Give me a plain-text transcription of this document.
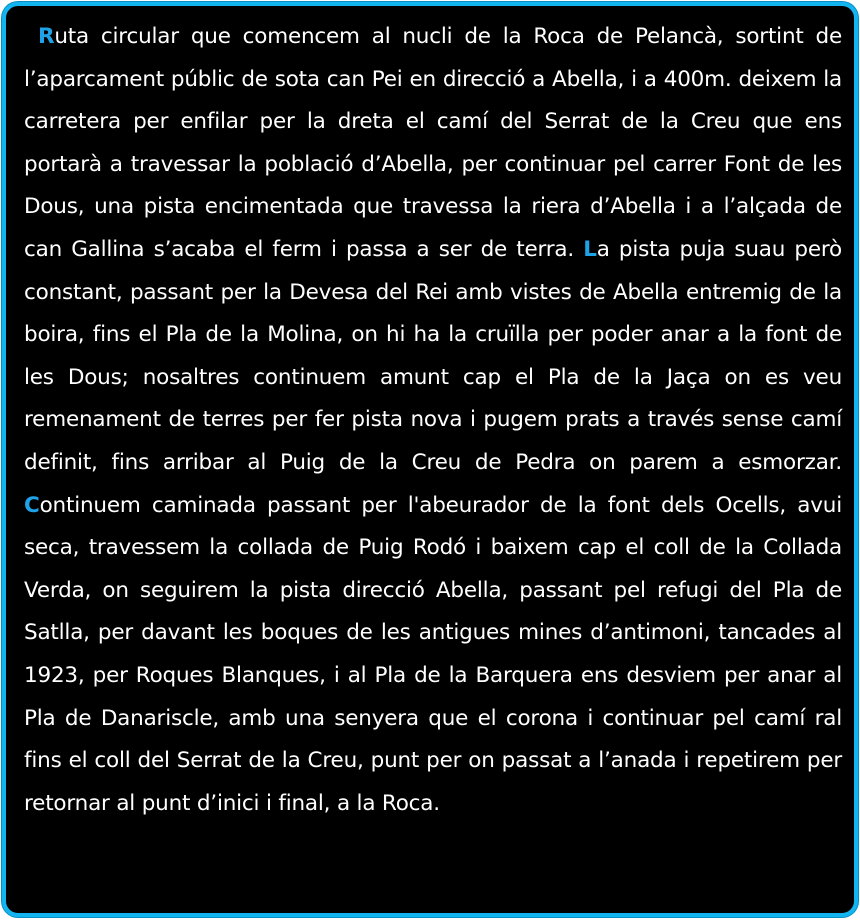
Ruta circular que comencem al nucli de la Roca de Pelancà, sortint de l’aparcament públic de sota can Pei en direcció a Abella, i a 400m. deixem la carretera per enfilar per la dreta el camí del Serrat de la Creu que ens portarà a travessar la població d’Abella, per continuar pel carrer Font de les Dous, una pista encimentada que travessa la riera d’Abella i a l’alçada de can Gallina s’acaba el ferm i passa a ser de terra. La pista puja suau però constant, passant per la Devesa del Rei amb vistes de Abella entremig de la boira, fins el Pla de la Molina, on hi ha la cruïlla per poder anar a la font de les Dous; nosaltres continuem amunt cap el Pla de la Jaça on es veu remenament de terres per fer pista nova i pugem prats a través sense camí definit, fins arribar al Puig de la Creu de Pedra on parem a esmorzar. Continuem caminada passant per l'abeurador de la font dels Ocells, avui seca, travessem la collada de Puig Rodó i baixem cap el coll de la Collada Verda, on seguirem la pista direcció Abella, passant pel refugi del Pla de Satlla, per davant les boques de les antigues mines d’antimoni, tancades al 1923, per Roques Blanques, i al Pla de la Barquera ens desviem per anar al Pla de Danariscle, amb una senyera que el corona i continuar pel camí ral fins el coll del Serrat de la Creu, punt per on passat a l’anada i repetirem per retornar al punt d’inici i final, a la Roca.
